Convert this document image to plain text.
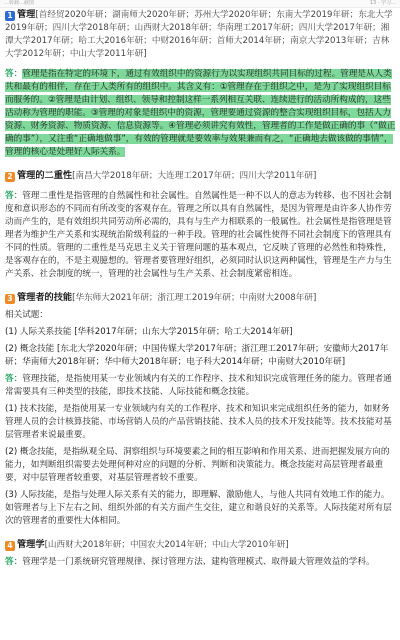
…转载…截图	13 · 学习…

1 管理[首经贸2020年研；湖南师大2020年研；苏州大学2020年研；东南大学2019年研；东北大学2019年研；四川大学2018年研；山西财大2018年研；华南理工2017年研；四川大学2017年研；湘潭大学2017年研；哈工大2016年研；中财2016年研；首师大2014年研；南京大学2013年研；吉林大学2012年研；中山大学2011年研]

答：管理是指在特定的环境下，通过有效组织中的资源行为以实现组织共同目标的过程。管理是从人类共和最有的相伴，存在于人类所有的组织中。其含义有：①管理存在于组织之中，是为了实现组织目标而服务的。②管理是由计划、组织、领导和控制这样一系列相互关联、连续进行的活动所构成的，这些活动称为管理的职能。③管理的对象是组织中的资源，管理要通过资源的整合实现组织目标，包括人力资源、财务资源、物质资源、信息资源等。④管理必须讲究有效性，管理者的工作是做正确的事（“做正确的事”），又注重“正确地做事”，有效的管理就是要效率与效果兼而有之，“正确地去做该做的事情”，管理的核心是处理好人际关系。

2 管理的二重性[南昌大学2018年研；大连理工2017年研；四川大学2011年研]

答：管理二重性是指管理的自然属性和社会属性。自然属性是一种不以人的意志为转移、也不因社会制度和意识形态的不同而有所改变的客观存在。管理之所以具有自然属性，是因为管理是由许多人协作劳动而产生的，是有效组织共同劳动所必需的，具有与生产力相联系的一般属性。社会属性是指管理是管理者为维护生产关系和实现统治阶级利益的一种手段。管理的社会属性使得不同社会制度下的管理具有不同的性质。管理的二重性是马克思主义关于管理问题的基本观点，它反映了管理的必然性和特殊性，是客观存在的，不是主观臆想的。管理者要管理好组织，必须同时认识这两种属性，管理是生产力与生产关系、社会制度的统一，管理的社会属性与生产关系、社会制度紧密相连。

3 管理者的技能[华东师大2021年研；浙江理工2019年研；中南财大2008年研]

相关试题：

(1) 人际关系技能 [华科2017年研；山东大学2015年研；哈工大2014年研]

(2) 概念技能 [东北大学2020年研；中国传媒大学2017年研；浙江理工2017年研；安徽师大2017年研；华南师大2018年研；华中师大2018年研；电子科大2014年研；中南财大2010年研]

答：管理技能，是指使用某一专业领域内有关的工作程序、技术和知识完成管理任务的能力。管理者通常需要具有三种类型的技能，即技术技能、人际技能和概念技能。

(1) 技术技能，是指使用某一专业领域内有关的工作程序、技术和知识来完成组织任务的能力，如财务管理人员的会计核算技能、市场营销人员的产品营销技能、技术人员的技术开发技能等。技术技能对基层管理者来说最重要。

(2) 概念技能，是指纵观全局、洞察组织与环境要素之间的相互影响和作用关系、进而把握发展方向的能力，如判断组织需要去处理何种对应的问题的分析、判断和决策能力。概念技能对高层管理者最重要，对中层管理者较重要，对基层管理者较不重要。

(3) 人际技能，是指与处理人际关系有关的能力，即理解、激励他人，与他人共同有效地工作的能力。如管理者与上下左右之间、组织外部的有关方面产生交往，建立和谐良好的关系等。人际技能对所有层次的管理者的重要性大体相同。

4 管理学[山西财大2018年研；中国农大2014年研；中山大学2010年研]

答：管理学是一门系统研究管理规律、探讨管理方法、建构管理模式、取得最大管理效益的学科。
